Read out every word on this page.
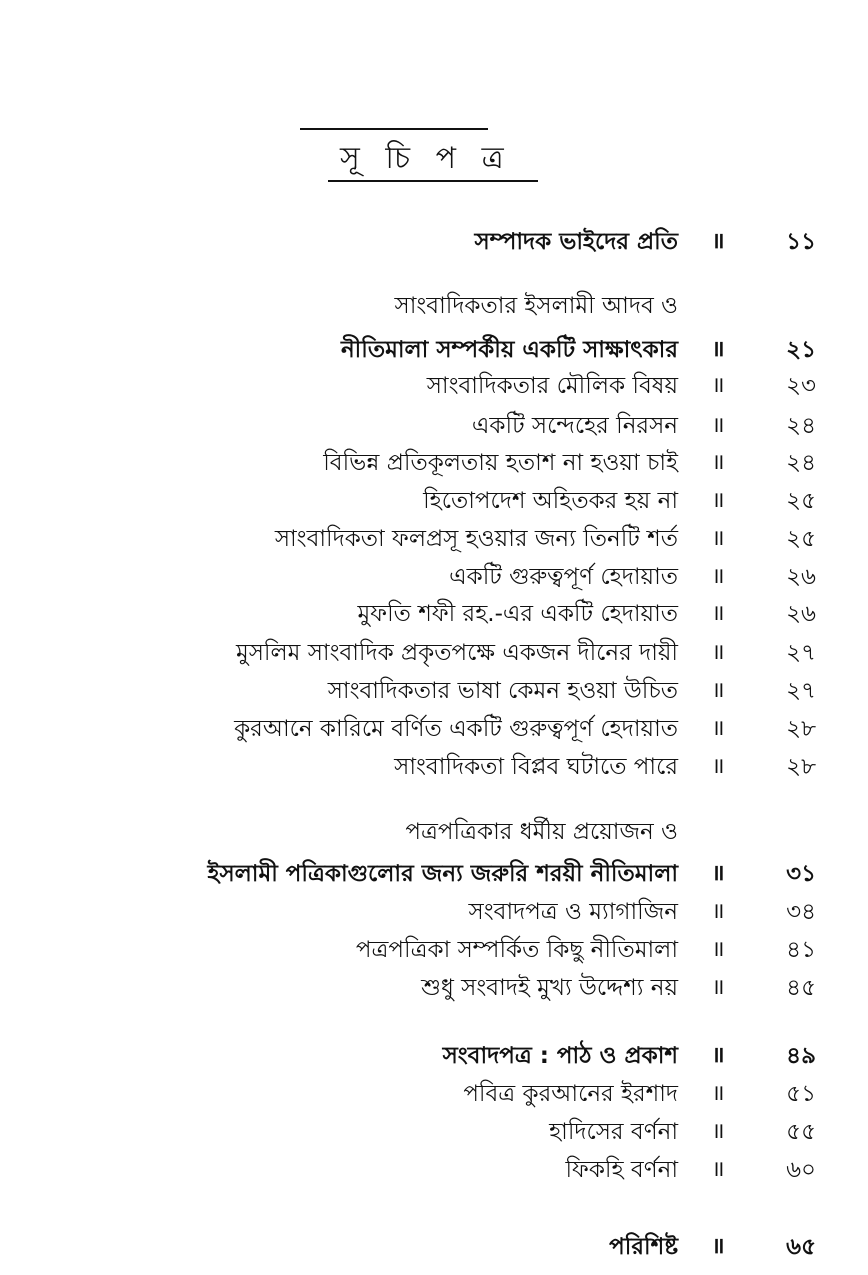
সূ চি প ত্র
সম্পাদক ভাইদের প্রতি ॥	১১
সাংবাদিকতার ইসলামী আদব ও
নীতিমালা সম্পর্কীয় একটি সাক্ষাৎকার ॥	২১
সাংবাদিকতার মৌলিক বিষয় ॥	২৩
একটি সন্দেহের নিরসন ॥	২৪
বিভিন্ন প্রতিকূলতায় হতাশ না হওয়া চাই ॥	২৪
হিতোপদেশ অহিতকর হয় না ॥	২৫
সাংবাদিকতা ফলপ্রসূ হওয়ার জন্য তিনটি শর্ত ॥	২৫
একটি গুরুত্বপূর্ণ হেদায়াত ॥	২৬
মুফতি শফী রহ.-এর একটি হেদায়াত ॥	২৬
মুসলিম সাংবাদিক প্রকৃতপক্ষে একজন দীনের দায়ী ॥	২৭
সাংবাদিকতার ভাষা কেমন হওয়া উচিত ॥	২৭
কুরআনে কারিমে বর্ণিত একটি গুরুত্বপূর্ণ হেদায়াত ॥	২৮
সাংবাদিকতা বিপ্লব ঘটাতে পারে ॥	২৮
পত্রপত্রিকার ধর্মীয় প্রয়োজন ও
ইসলামী পত্রিকাগুলোর জন্য জরুরি শরয়ী নীতিমালা ॥	৩১
সংবাদপত্র ও ম্যাগাজিন ॥	৩৪
পত্রপত্রিকা সম্পর্কিত কিছু নীতিমালা ॥	৪১
শুধু সংবাদই মুখ্য উদ্দেশ্য নয় ॥	৪৫
সংবাদপত্র : পাঠ ও প্রকাশ ॥	৪৯
পবিত্র কুরআনের ইরশাদ ॥	৫১
হাদিসের বর্ণনা ॥	৫৫
ফিকহি বর্ণনা ॥	৬০
পরিশিষ্ট ॥	৬৫
